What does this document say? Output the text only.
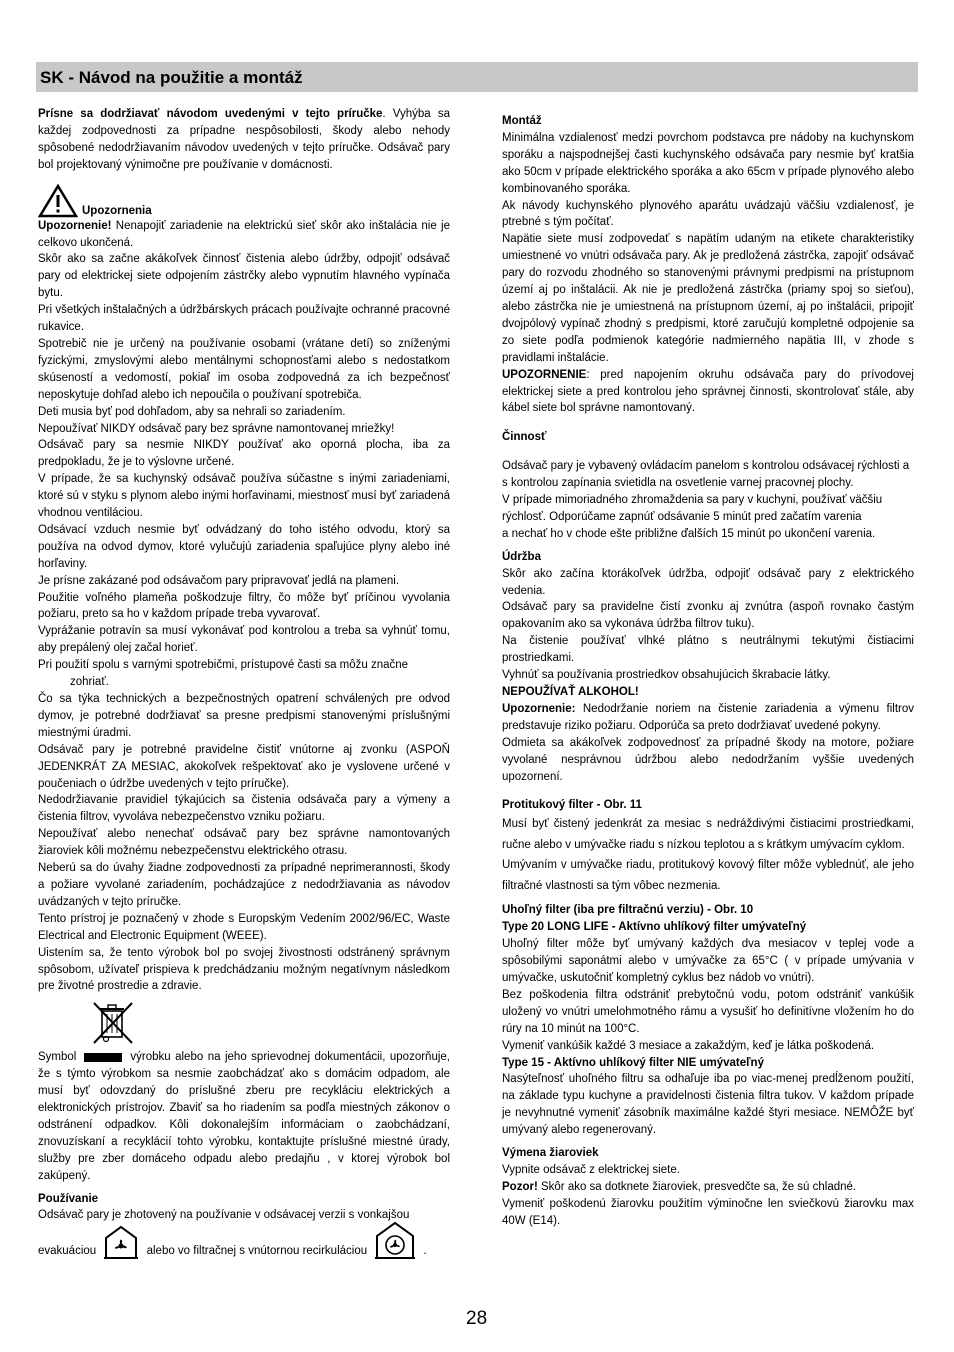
SK - Návod na použitie a montáž

Prísne sa dodržiavať návodom uvedenými v tejto príručke. Vyhýba sa každej zodpovednosti za prípadne nespôsobilosti, škody alebo nehody spôsobené nedodržiavaním návodov uvedených v tejto príručke. Odsávač pary bol projektovaný výnimočne pre používanie v domácnosti.

Upozornenia

Upozornenie! Nenapojiť zariadenie na elektrickú sieť skôr ako inštalácia nie je celkovo ukončená.

Skôr ako sa začne akákoľvek činnosť čistenia alebo údržby, odpojiť odsávač pary od elektrickej siete odpojením zástrčky alebo vypnutím hlavného vypínača bytu.

Pri všetkých inštalačných a údržbárskych prácach používajte ochranné pracovné rukavice.

Spotrebič nie je určený na používanie osobami (vrátane detí) so zníženými fyzickými, zmyslovými alebo mentálnymi schopnosťami alebo s nedostatkom skúseností a vedomostí, pokiaľ im osoba zodpovedná za ich bezpečnosť neposkytuje dohľad alebo ich nepoučila o používaní spotrebiča.

Deti musia byť pod dohľadom, aby sa nehrali so zariadením.

Nepoužívať NIKDY odsávač pary bez správne namontovanej mriežky!

Odsávač pary sa nesmie NIKDY používať ako oporná plocha, iba za predpokladu, že je to výslovne určené.

V prípade, že sa kuchynský odsávač používa súčastne s inými zariadeniami, ktoré sú v styku s plynom alebo inými horľavinami, miestnosť musí byť zariadená vhodnou ventiláciou.

Odsávací vzduch nesmie byť odvádzaný do toho istého odvodu, ktorý sa používa na odvod dymov, ktoré vylučujú zariadenia spaľujúce plyny alebo iné horľaviny.

Je prísne zakázané pod odsávačom pary pripravovať jedlá na plameni.

Použitie voľného plameňa poškodzuje filtry, čo môže byť príčinou vyvolania požiaru, preto sa ho v každom prípade treba vyvarovať.

Vyprážanie potravín sa musí vykonávať pod kontrolou a treba sa vyhnúť tomu, aby prepálený olej začal horieť.

Pri použití spolu s varnými spotrebičmi, prístupové časti sa môžu značne

zohriať.

Čo sa týka technických a bezpečnostných opatrení schválených pre odvod dymov, je potrebné dodržiavať sa presne predpismi stanovenými príslušnými miestnými úradmi.

Odsávač pary je potrebné pravidelne čistiť vnútorne aj zvonku (ASPOŇ JEDENKRÁT ZA MESIAC, akokoľvek rešpektovať ako je vyslovene určené v poučeniach o údržbe uvedených v tejto príručke).

Nedodržiavanie pravidiel týkajúcich sa čistenia odsávača pary a výmeny a čistenia filtrov, vyvoláva nebezpečenstvo vzniku požiaru.

Nepoužívať alebo nenechať odsávač pary bez správne namontovaných žiaroviek kôli možnému nebezpečenstvu elektrického otrasu.

Neberú sa do úvahy žiadne zodpovednosti za prípadné neprimerannosti, škody a požiare vyvolané zariadením, pochádzajúce z nedodržiavania as návodov uvádzaných v tejto príručke.

Tento prístroj je poznačený v zhode s Europským Vedením 2002/96/EC, Waste Electrical and Electronic Equipment (WEEE).

Uistením sa, že tento výrobok bol po svojej živostnosti odstránený správnym spôsobom, užívateľ prispieva k predchádzaniu možným negatívnym následkom pre životné prostredie a zdravie.

Symbol	výrobku alebo na jeho sprievodnej dokumentácii, upozorňuje, že s týmto výrobkom sa nesmie zaobchádzať ako s domácim odpadom, ale musí byť odovzdaný do príslušné zberu pre recykláciu elektrických a elektronických prístrojov. Zbaviť sa ho riadením sa podľa miestných zákonov o odstránení odpadkov. Kôli dokonalejším informáciam o zaobchádzaní, znovuzískaní a recyklácií tohto výrobku, kontaktujte príslušné miestné úrady, služby pre zber domáceho odpadu alebo predajňu , v ktorej výrobok bol zakúpený.

Používanie

Odsávač pary je zhotovený na používanie v odsávacej verzii s vonkajšou

evakuáciou	alebo vo filtračnej s vnútornou recirkuláciou	.

Montáž

Minimálna vzdialenosť medzi povrchom podstavca pre nádoby na kuchynskom sporáku a najspodnejšej časti kuchynského odsávača pary nesmie byť kratšia ako 50cm v prípade elektrického sporáka a ako 65cm v prípade plynového alebo kombinovaného sporáka.

Ak návody kuchynského plynového aparátu uvádzajú väčšiu vzdialenosť, je ptrebné s tým počítať.

Napätie siete musí zodpovedať s napätím udaným na etikete charakteristiky umiestnené vo vnútri odsávača pary. Ak je predložená zástrčka, zapojiť odsávač pary do rozvodu zhodného so stanovenými právnymi predpismi na prístupnom území aj po inštalácii. Ak nie je predložená zástrčka (priamy spoj so sieťou), alebo zástrčka nie je umiestnená na prístupnom území, aj po inštalácii, pripojiť dvojpólový vypínač zhodný s predpismi, ktoré zaručujú kompletné odpojenie sa zo siete podľa podmienok kategórie nadmierného napätia III, v zhode s pravidlami inštalácie.

UPOZORNENIE: pred napojením okruhu odsávača pary do prívodovej elektrickej siete a pred kontrolou jeho správnej činnosti, skontrolovať stále, aby kábel siete bol správne namontovaný.

Činnosť

Odsávač pary je vybavený ovládacím panelom s kontrolou odsávacej rýchlosti a s kontrolou zapínania svietidla na osvetlenie varnej pracovnej plochy.

V prípade mimoriadného zhromaždenia sa pary v kuchyni, používať väčšiu rýchlosť. Odporúčame zapnúť odsávanie 5 minút pred začatím varenia

a nechať ho v chode ešte približne ďalších 15 minút po ukončení varenia.

Údržba

Skôr ako začína ktorákoľvek údržba, odpojiť odsávač pary z elektrického vedenia.

Odsávač pary sa pravidelne čistí zvonku aj zvnútra (aspoň rovnako častým opakovaním ako sa vykonáva údržba filtrov tuku).

Na čistenie používať vlhké plátno s neutrálnymi tekutými čistiacimi prostriedkami.

Vyhnúť sa používania prostriedkov obsahujúcich škrabacie látky.

NEPOUŽÍVAŤ ALKOHOL!

Upozornenie: Nedodržanie noriem na čistenie zariadenia a výmenu filtrov predstavuje riziko požiaru. Odporúča sa preto dodržiavať uvedené pokyny.

Odmieta sa akákoľvek zodpovednosť za prípadné škody na motore, požiare vyvolané nesprávnou údržbou alebo nedodržaním vyššie uvedených upozornení.

Protitukový filter - Obr. 11

Musí byť čistený jedenkrát za mesiac s nedráždivými čistiacimi prostriedkami, ručne alebo v umývačke riadu s nízkou teplotou a s krátkym umývacím cyklom.

Umývaním v umývačke riadu, protitukový kovový filter môže vyblednúť, ale jeho filtračné vlastnosti sa tým vôbec nezmenia.

Uhoľný filter (iba pre filtračnú verziu) - Obr. 10

Type 20 LONG LIFE - Aktívno uhlíkový filter umývateľný

Uhoľný filter môže byť umývaný každých dva mesiacov v teplej vode a spôsobilými saponátmi alebo v umývačke za 65°C ( v prípade umývania v umývačke, uskutočniť kompletný cyklus bez nádob vo vnútri).

Bez poškodenia filtra odstrániť prebytočnú vodu, potom odstrániť vankúšik uložený vo vnútri umelohmotného rámu a vysušiť ho definitívne vložením ho do rúry na 10 minút na 100°C.

Vymeniť vankúšik každé 3 mesiace a zakaždým, keď je látka poškodená.

Type 15 - Aktívno uhlíkový filter NIE umývateľný

Nasýteľnosť uhoľného filtru sa odhaľuje iba po viac-menej predĺženom použití, na základe typu kuchyne a pravidelnosti čistenia filtra tukov. V každom prípade je nevyhnutné vymeniť zásobník maximálne každé štyri mesiace. NEMÔŽE byť umývaný alebo regenerovaný.

Výmena žiaroviek

Vypnite odsávač z elektrickej siete.

Pozor! Skôr ako sa dotknete žiaroviek, presvedčte sa, že sú chladné.

Vymeniť poškodenú žiarovku použitím výminočne len sviečkovú žiarovku max 40W (E14).

28
